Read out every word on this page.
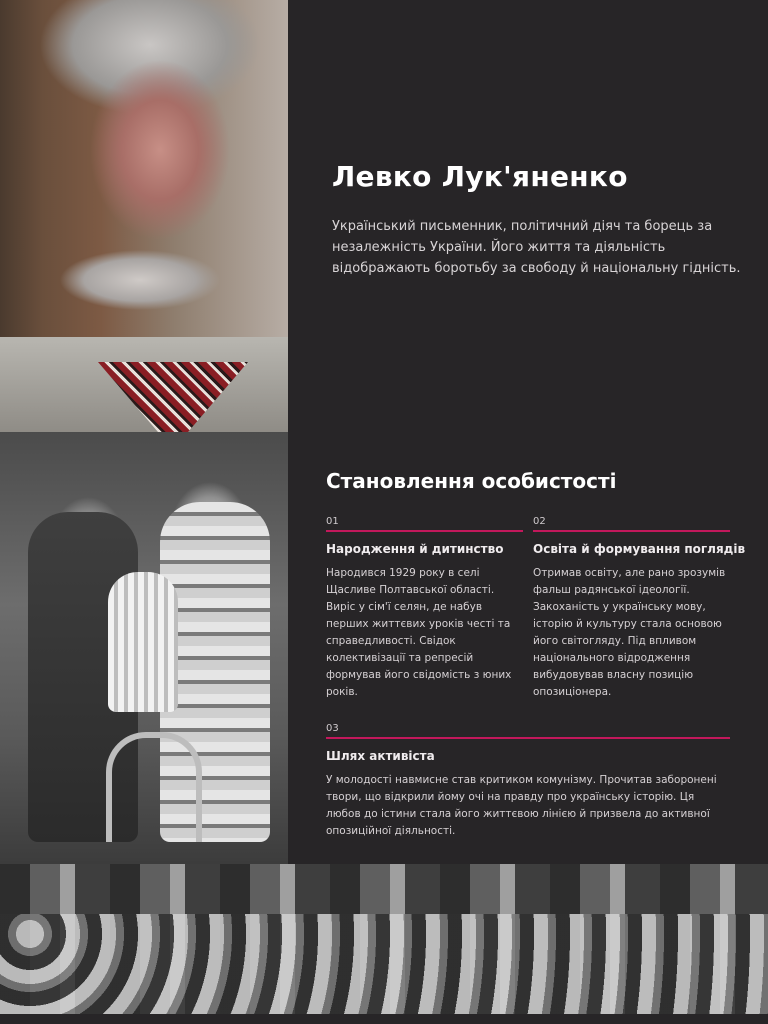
Левко Лук'яненко

Український письменник, політичний діяч та борець за незалежність України. Його життя та діяльність відображають боротьбу за свободу й національну гідність.

Становлення особистості
01
Народження й дитинство

Народився 1929 року в селі Щасливе Полтавської області. Виріс у сім'ї селян, де набув перших життєвих уроків честі та справедливості. Свідок колективізації та репресій формував його свідомість з юних років.

02
Освіта й формування поглядів

Отримав освіту, але рано зрозумів фальш радянської ідеології. Закоханість у українську мову, історію й культуру стала основою його світогляду. Під впливом національного відродження вибудовував власну позицію опозиціонера.

03
Шлях активіста

У молодості навмисне став критиком комунізму. Прочитав заборонені твори, що відкрили йому очі на правду про українську історію. Ця любов до істини стала його життєвою лінією й призвела до активної опозиційної діяльності.
